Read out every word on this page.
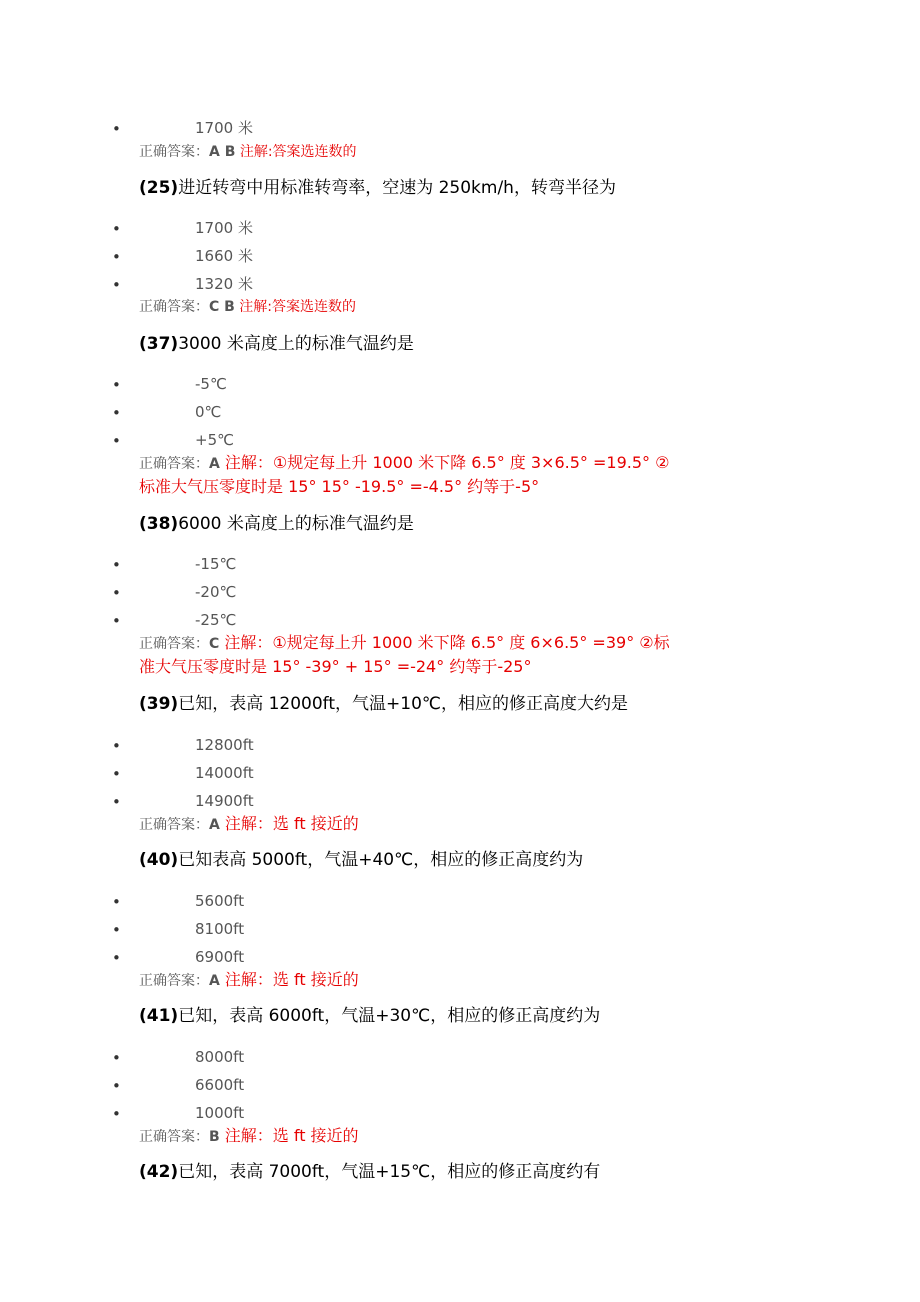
•	1700 米
正确答案：A B 注解:答案选连数的
(25)进近转弯中用标准转弯率，空速为 250km/h，转弯半径为
•	1700 米
•	1660 米
•	1320 米
正确答案：C B 注解:答案选连数的
(37)3000 米高度上的标准气温约是
•	-5℃
•	0℃
•	+5℃
正确答案：A 注解：①规定每上升 1000 米下降 6.5° 度 3×6.5° =19.5° ②
标准大气压零度时是 15° 15° -19.5° =-4.5° 约等于-5°
(38)6000 米高度上的标准气温约是
•	-15℃
•	-20℃
•	-25℃
正确答案：C 注解：①规定每上升 1000 米下降 6.5° 度 6×6.5° =39° ②标
准大气压零度时是 15° -39° + 15° =-24° 约等于-25°
(39)已知，表高 12000ft，气温+10℃，相应的修正高度大约是
•	12800ft
•	14000ft
•	14900ft
正确答案：A 注解：选 ft 接近的
(40)已知表高 5000ft，气温+40℃，相应的修正高度约为
•	5600ft
•	8100ft
•	6900ft
正确答案：A 注解：选 ft 接近的
(41)已知，表高 6000ft，气温+30℃，相应的修正高度约为
•	8000ft
•	6600ft
•	1000ft
正确答案：B 注解：选 ft 接近的
(42)已知，表高 7000ft，气温+15℃，相应的修正高度约有
